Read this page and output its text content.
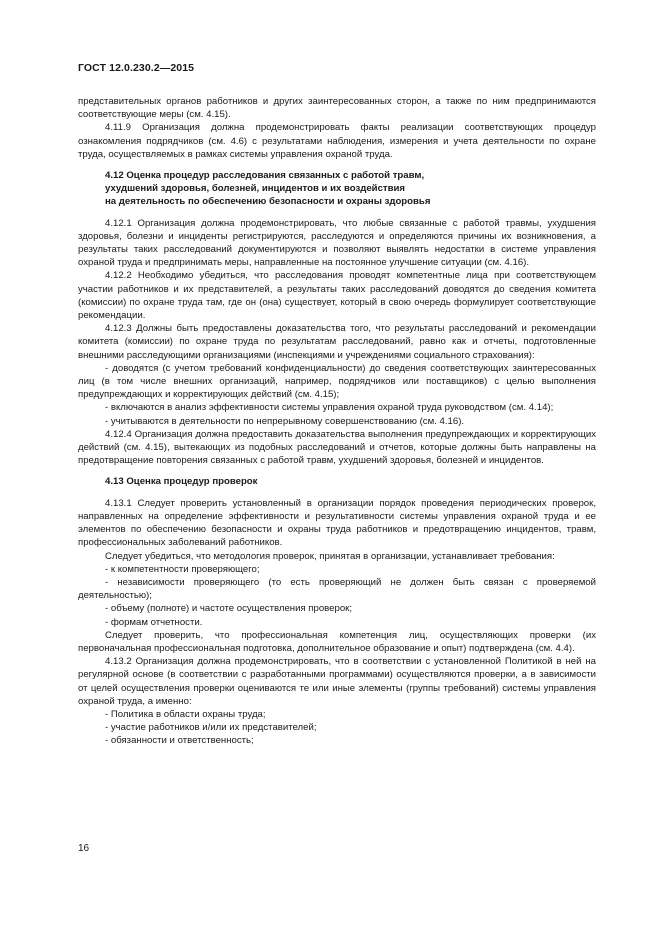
ГОСТ 12.0.230.2—2015

представительных органов работников и других заинтересованных сторон, а также по ним предпринимаются соответствующие меры (см. 4.15).

4.11.9 Организация должна продемонстрировать факты реализации соответствующих процедур ознакомления подрядчиков (см. 4.6) с результатами наблюдения, измерения и учета деятельности по охране труда, осуществляемых в рамках системы управления охраной труда.

4.12 Оценка процедур расследования связанных с работой травм,
ухудшений здоровья, болезней, инцидентов и их воздействия
на деятельность по обеспечению безопасности и охраны здоровья

4.12.1 Организация должна продемонстрировать, что любые связанные с работой травмы, ухудшения здоровья, болезни и инциденты регистрируются, расследуются и определяются причины их возникновения, а результаты таких расследований документируются и позволяют выявлять недостатки в системе управления охраной труда и предпринимать меры, направленные на постоянное улучшение ситуации (см. 4.16).

4.12.2 Необходимо убедиться, что расследования проводят компетентные лица при соответствующем участии работников и их представителей, а результаты таких расследований доводятся до сведения комитета (комиссии) по охране труда там, где он (она) существует, который в свою очередь формулирует соответствующие рекомендации.

4.12.3 Должны быть предоставлены доказательства того, что результаты расследований и рекомендации комитета (комиссии) по охране труда по результатам расследований, равно как и отчеты, подготовленные внешними расследующими организациями (инспекциями и учреждениями социального страхования):

- доводятся (с учетом требований конфиденциальности) до сведения соответствующих заинтересованных лиц (в том числе внешних организаций, например, подрядчиков или поставщиков) с целью выполнения предупреждающих и корректирующих действий (см. 4.15);

- включаются в анализ эффективности системы управления охраной труда руководством (см. 4.14);

- учитываются в деятельности по непрерывному совершенствованию (см. 4.16).

4.12.4 Организация должна предоставить доказательства выполнения предупреждающих и корректирующих действий (см. 4.15), вытекающих из подобных расследований и отчетов, которые должны быть направлены на предотвращение повторения связанных с работой травм, ухудшений здоровья, болезней и инцидентов.

4.13 Оценка процедур проверок

4.13.1 Следует проверить установленный в организации порядок проведения периодических проверок, направленных на определение эффективности и результативности системы управления охраной труда и ее элементов по обеспечению безопасности и охраны труда работников и предотвращению инцидентов, травм, профессиональных заболеваний работников.

Следует убедиться, что методология проверок, принятая в организации, устанавливает требования:

- к компетентности проверяющего;

- независимости проверяющего (то есть проверяющий не должен быть связан с проверяемой деятельностью);

- объему (полноте) и частоте осуществления проверок;

- формам отчетности.

Следует проверить, что профессиональная компетенция лиц, осуществляющих проверки (их первоначальная профессиональная подготовка, дополнительное образование и опыт) подтверждена (см. 4.4).

4.13.2 Организация должна продемонстрировать, что в соответствии с установленной Политикой в ней на регулярной основе (в соответствии с разработанными программами) осуществляются проверки, а в зависимости от целей осуществления проверки оцениваются те или иные элементы (группы требований) системы управления охраной труда, а именно:

- Политика в области охраны труда;

- участие работников и/или их представителей;

- обязанности и ответственность;

16
